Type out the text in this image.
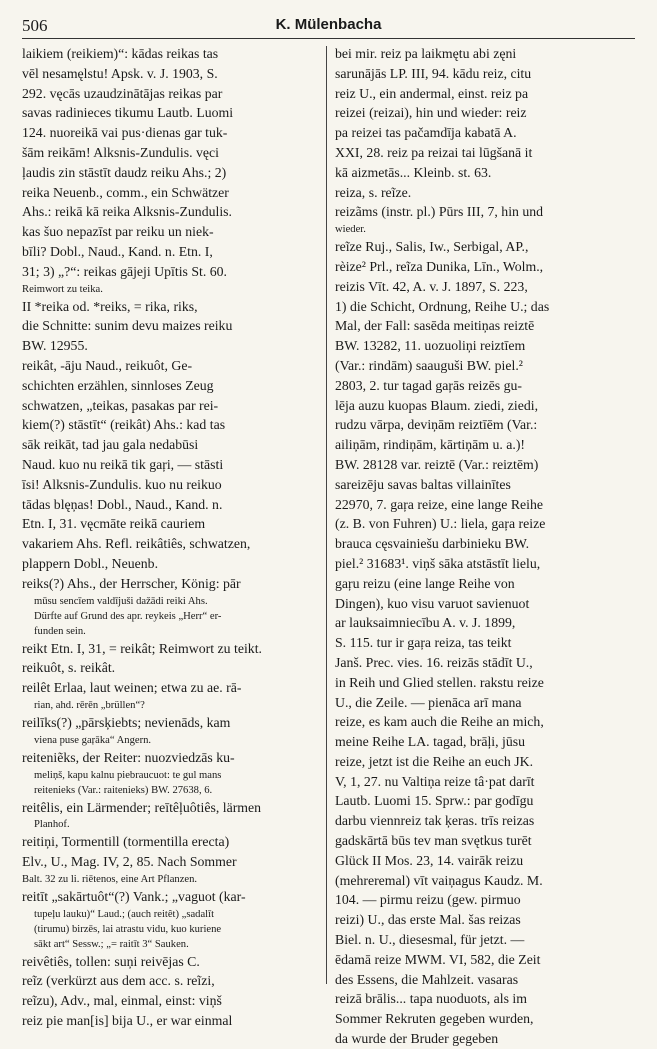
506	K. Mülenbacha
laikiem (reikiem)“: kādas reikas tas
vēl nesamęlstu! Apsk. v. J. 1903, S.
292. vęcās uzaudzinātājas reikas par
savas radinieces tikumu Lautb. Luomi
124. nuoreikā vai pus·dienas gar tuk-
šām reikām! Alksnis-Zundulis. vęci
ļaudis zin stāstīt daudz reiku Ahs.; 2)
reika Neuenb., comm., ein Schwätzer
Ahs.: reikā kā reika Alksnis-Zundulis.
kas šuo nepazīst par reiku un niek-
bīli? Dobl., Naud., Kand. n. Etn. I,
31; 3) „?“: reikas gājeji Upītis St. 60.
Reimwort zu teika.
II *reika od. *reiks, = rika, riks,
die Schnitte: sunim devu maizes reiku
BW. 12955.
reikât, -āju Naud., reikuôt, Ge-
schichten erzählen, sinnloses Zeug
schwatzen, „teikas, pasakas par rei-
kiem(?) stāstīt“ (reikât) Ahs.: kad tas
sāk reikāt, tad jau gala nedabūsi
Naud. kuo nu reikā tik gaŗi, — stāsti
īsi! Alksnis-Zundulis. kuo nu reikuo
tādas blęņas! Dobl., Naud., Kand. n.
Etn. I, 31. vęcmāte reikā cauriem
vakariem Ahs. Refl. reikâtiês, schwatzen,
plappern Dobl., Neuenb.
reiks(?) Ahs., der Herrscher, König: pār
mūsu sencīem valdījuši dažādi reiki Ahs.
Dürfte auf Grund des apr. reykeis „Herr“ er-
funden sein.
reikt Etn. I, 31, = reikât; Reimwort zu teikt.
reikuôt, s. reikât.
reilêt Erlaa, laut weinen; etwa zu ae. rā-
rian, ahd. rērēn „brüllen“?
reilīks(?) „pārsķiebts; nevienāds, kam
viena puse gaŗāka“ Angern.
reiteniẽks, der Reiter: nuozviedzās ku-
meliņš, kapu kalnu piebraucuot: te gul mans
reitenieks (Var.: raitenieks) BW. 27638, 6.
reitêlis, ein Lärmender; reītêļuôtiês, lärmen
Planhof.
reitiņi, Tormentill (tormentilla erecta)
Elv., U., Mag. IV, 2, 85. Nach Sommer
Balt. 32 zu li. riētenos, eine Art Pflanzen.
reitīt „sakārtuôt“(?) Vank.; „vaguot (kar-
tupeļu lauku)“ Laud.; (auch reitêt) „sadalīt
(tirumu) birzēs, lai atrastu vidu, kuo kuriene
sākt art“ Sessw.; „= raitīt 3“ Sauken.
reivêtiês, tollen: suņi reivējas C.
reĩz (verkürzt aus dem acc. s. reĩzi,
reĩzu), Adv., mal, einmal, einst: viņš
reiz pie man[is] bija U., er war einmal
bei mir. reiz pa laikmętu abi zęni
sarunājās LP. III, 94. kādu reiz, citu
reiz U., ein andermal, einst. reiz pa
reizei (reizai), hin und wieder: reiz
pa reizei tas pačamdīja kabatā A.
XXI, 28. reiz pa reizai tai lūgšanā it
kā aizmetās... Kleinb. st. 63.
reiza, s. reĩze.
reizãms (instr. pl.) Pūrs III, 7, hin und
wieder.
reĩze Ruj., Salis, Iw., Serbigal, AP.,
rèize² Prl., reĩza Dunika, Līn., Wolm.,
reizis Vīt. 42, A. v. J. 1897, S. 223,
1) die Schicht, Ordnung, Reihe U.; das
Mal, der Fall: sasēda meitiņas reiztē
BW. 13282, 11. uozuoliņi reiztīem
(Var.: rindām) saauguši BW. piel.²
2803, 2. tur tagad gaŗās reizēs gu-
lēja auzu kuopas Blaum. ziedi, ziedi,
rudzu vārpa, deviņām reiztīēm (Var.:
ailiņām, rindiņām, kārtiņām u. a.)!
BW. 28128 var. reiztē (Var.: reiztēm)
sareizēju savas baltas villainītes
22970, 7. gaŗa reize, eine lange Reihe
(z. B. von Fuhren) U.: liela, gaŗa reize
brauca cęsvainiešu darbinieku BW.
piel.² 31683¹. viņš sāka atstāstīt lielu,
gaŗu reizu (eine lange Reihe von
Dingen), kuo visu varuot savienuot
ar lauksaimniecību A. v. J. 1899,
S. 115. tur ir gaŗa reiza, tas teikt
Janš. Prec. vies. 16. reizās stādīt U.,
in Reih und Glied stellen. rakstu reize
U., die Zeile. — pienāca arī mana
reize, es kam auch die Reihe an mich,
meine Reihe LA. tagad, brāļi, jūsu
reize, jetzt ist die Reihe an euch JK.
V, 1, 27. nu Valtiņa reize tâ·pat darīt
Lautb. Luomi 15. Sprw.: par godīgu
darbu viennreiz tak ķeras. trīs reizas
gadskārtā būs tev man svętkus turēt
Glück II Mos. 23, 14. vairāk reizu
(mehreremal) vīt vaiņagus Kaudz. M.
104. — pirmu reizu (gew. pirmuo
reizi) U., das erste Mal. šas reizas
Biel. n. U., diesesmal, für jetzt. —
ēdamā reize MWM. VI, 582, die Zeit
des Essens, die Mahlzeit. vasaras
reizā brālis... tapa nuoduots, als im
Sommer Rekruten gegeben wurden,
da wurde der Bruder gegeben
